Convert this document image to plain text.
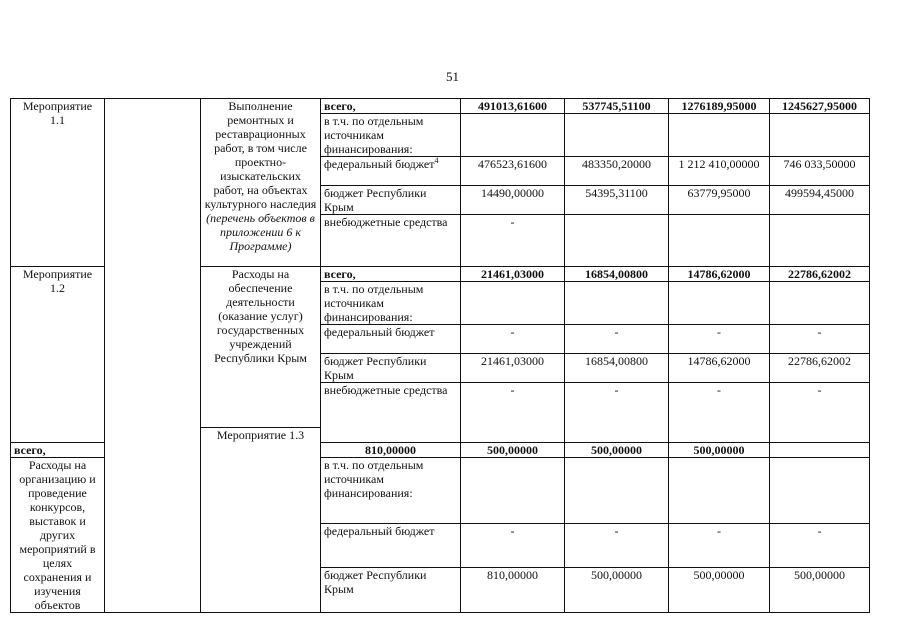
51
Мероприятие 1.1		Выполнение ремонтных и реставрационных работ, в том числе проектно-изыскательских работ, на объектах культурного наследия (перечень объектов в приложении 6 к Программе)	всего,	491013,61600	537745,51100	1276189,95000	1245627,95000	
			в т.ч. по отдельным источникам финансирования:					
			федеральный бюджет$^4$	476523,61600	483350,20000	1 212 410,00000	746 033,50000	
			бюджет Республики Крым	14490,00000	54395,31100	63779,95000	499594,45000	
			внебюджетные средства	-				

Мероприятие 1.2		Расходы на обеспечение деятельности (оказание услуг) государственных учреждений Республики Крым	всего,	21461,03000	16854,00800	14786,62000	22786,62002	
			в т.ч. по отдельным источникам финансирования:					
			федеральный бюджет	-	-	-	-	
			бюджет Республики Крым	21461,03000	16854,00800	14786,62000	22786,62002	
			внебюджетные средства	-	-	-	-	

		Мероприятие 1.3						
всего,			810,00000	500,00000	500,00000	500,00000		
Расходы на организацию и проведение конкурсов, выставок и других мероприятий в целях сохранения и изучения объектов			в т.ч. по отдельным источникам финансирования:					
			федеральный бюджет	-	-	-	-	
			бюджет Республики Крым	810,00000	500,00000	500,00000	500,00000	
